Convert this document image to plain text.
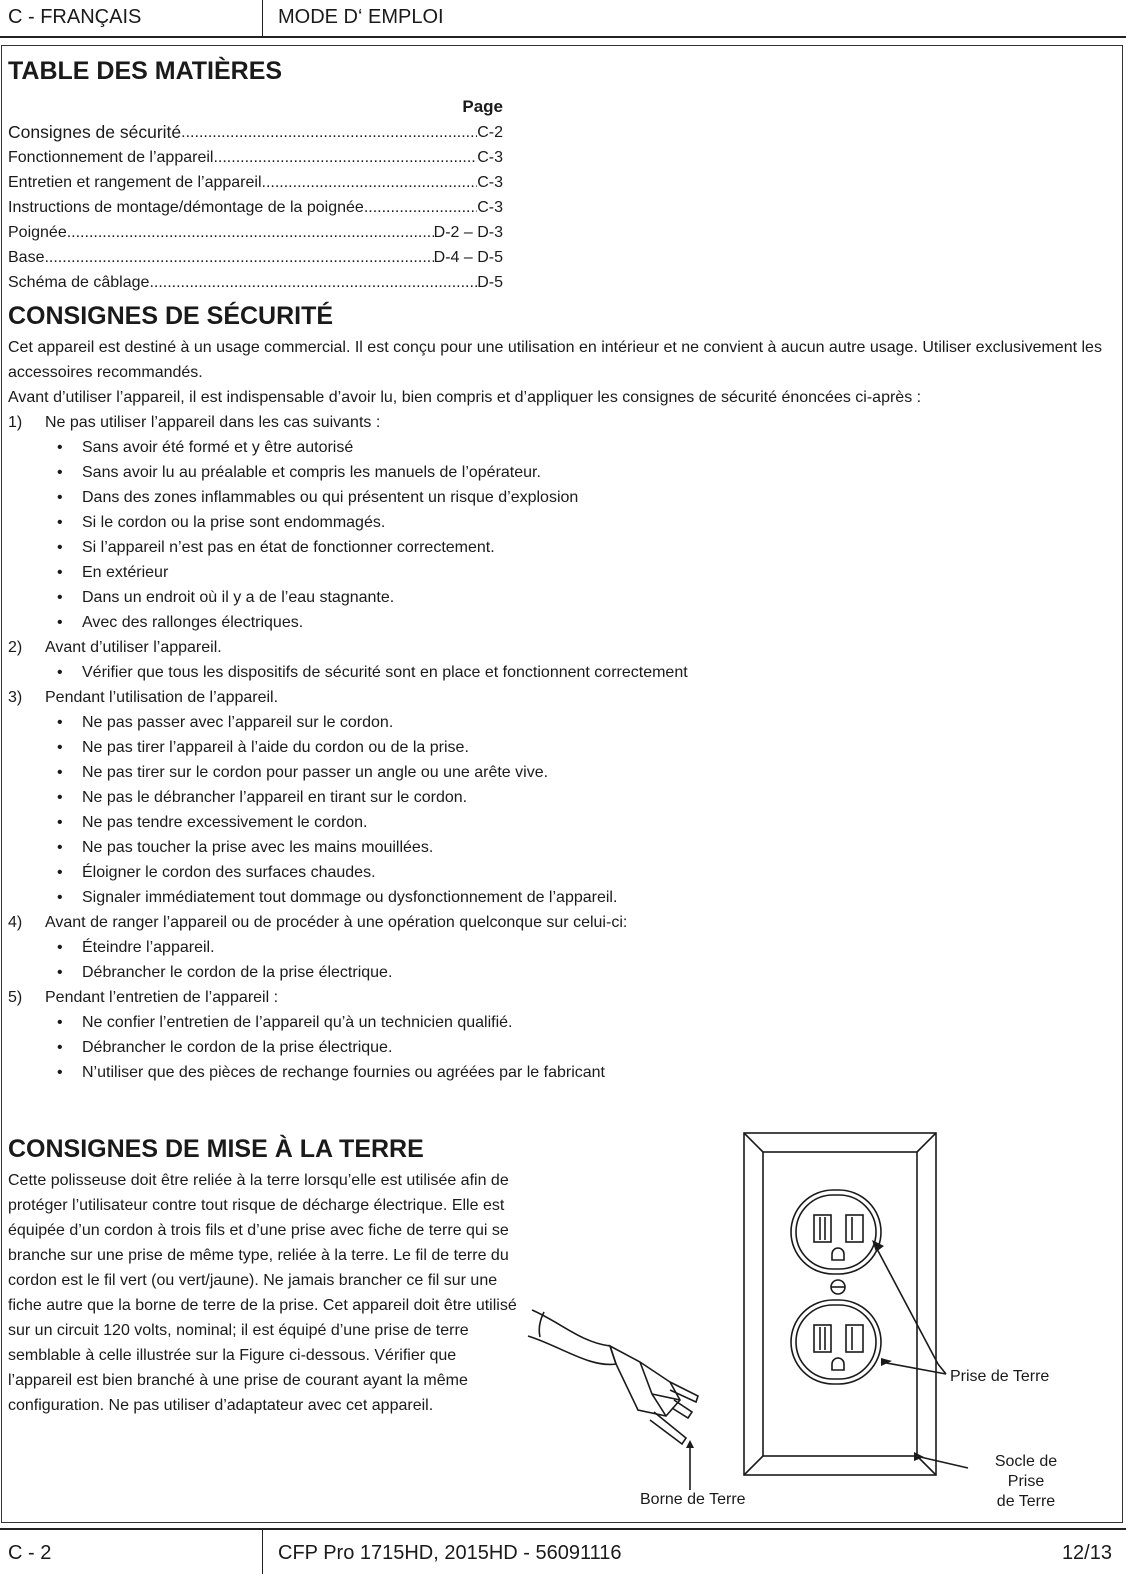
C - FRANÇAIS	MODE D‘ EMPLOI
TABLE DES MATIÈRES
Page
Consignes de sécurité .....	C-2
Fonctionnement de l’appareil .....	C-3
Entretien et rangement de l’appareil .....	C-3
Instructions de montage/démontage de la poignée .....	C-3
Poignée .....	D-2 – D-3
Base .....	D-4 – D-5
Schéma de câblage .....	D-5
CONSIGNES DE SÉCURITÉ

Cet appareil est destiné à un usage commercial. Il est conçu pour une utilisation en intérieur et ne convient à aucun autre usage. Utiliser exclusivement les accessoires recommandés.

Avant d’utiliser l’appareil, il est indispensable d’avoir lu, bien compris et d’appliquer les consignes de sécurité énoncées ci-après :

1) Ne pas utiliser l’appareil dans les cas suivants :
• Sans avoir été formé et y être autorisé
• Sans avoir lu au préalable et compris les manuels de l’opérateur.
• Dans des zones inflammables ou qui présentent un risque d’explosion
• Si le cordon ou la prise sont endommagés.
• Si l’appareil n’est pas en état de fonctionner correctement.
• En extérieur
• Dans un endroit où il y a de l’eau stagnante.
• Avec des rallonges électriques.
2) Avant d’utiliser l’appareil.
• Vérifier que tous les dispositifs de sécurité sont en place et fonctionnent correctement
3) Pendant l’utilisation de l’appareil.
• Ne pas passer avec l’appareil sur le cordon.
• Ne pas tirer l’appareil à l’aide du cordon ou de la prise.
• Ne pas tirer sur le cordon pour passer un angle ou une arête vive.
• Ne pas le débrancher l’appareil en tirant sur le cordon.
• Ne pas tendre excessivement le cordon.
• Ne pas toucher la prise avec les mains mouillées.
• Éloigner le cordon des surfaces chaudes.
• Signaler immédiatement tout dommage ou dysfonctionnement de l’appareil.
4) Avant de ranger l’appareil ou de procéder à une opération quelconque sur celui-ci:
• Éteindre l’appareil.
• Débrancher le cordon de la prise électrique.
5) Pendant l’entretien de l’appareil :
• Ne confier l’entretien de l’appareil qu’à un technicien qualifié.
• Débrancher le cordon de la prise électrique.
• N’utiliser que des pièces de rechange fournies ou agréées par le fabricant
CONSIGNES DE MISE À LA TERRE

Cette polisseuse doit être reliée à la terre lorsqu’elle est utilisée afin de protéger l’utilisateur contre tout risque de décharge électrique. Elle est équipée d’un cordon à trois fils et d’une prise avec fiche de terre qui se branche sur une prise de même type, reliée à la terre. Le fil de terre du cordon est le fil vert (ou vert/jaune). Ne jamais brancher ce fil sur une fiche autre que la borne de terre de la prise. Cet appareil doit être utilisé sur un circuit 120 volts, nominal; il est équipé d’une prise de terre semblable à celle illustrée sur la Figure ci-dessous. Vérifier que l’appareil est bien branché à une prise de courant ayant la même configuration. Ne pas utiliser d’adaptateur avec cet appareil.

Prise de Terre
Socle de Prise
de Terre
Borne de Terre
C - 2	CFP Pro 1715HD, 2015HD - 56091116	12/13
